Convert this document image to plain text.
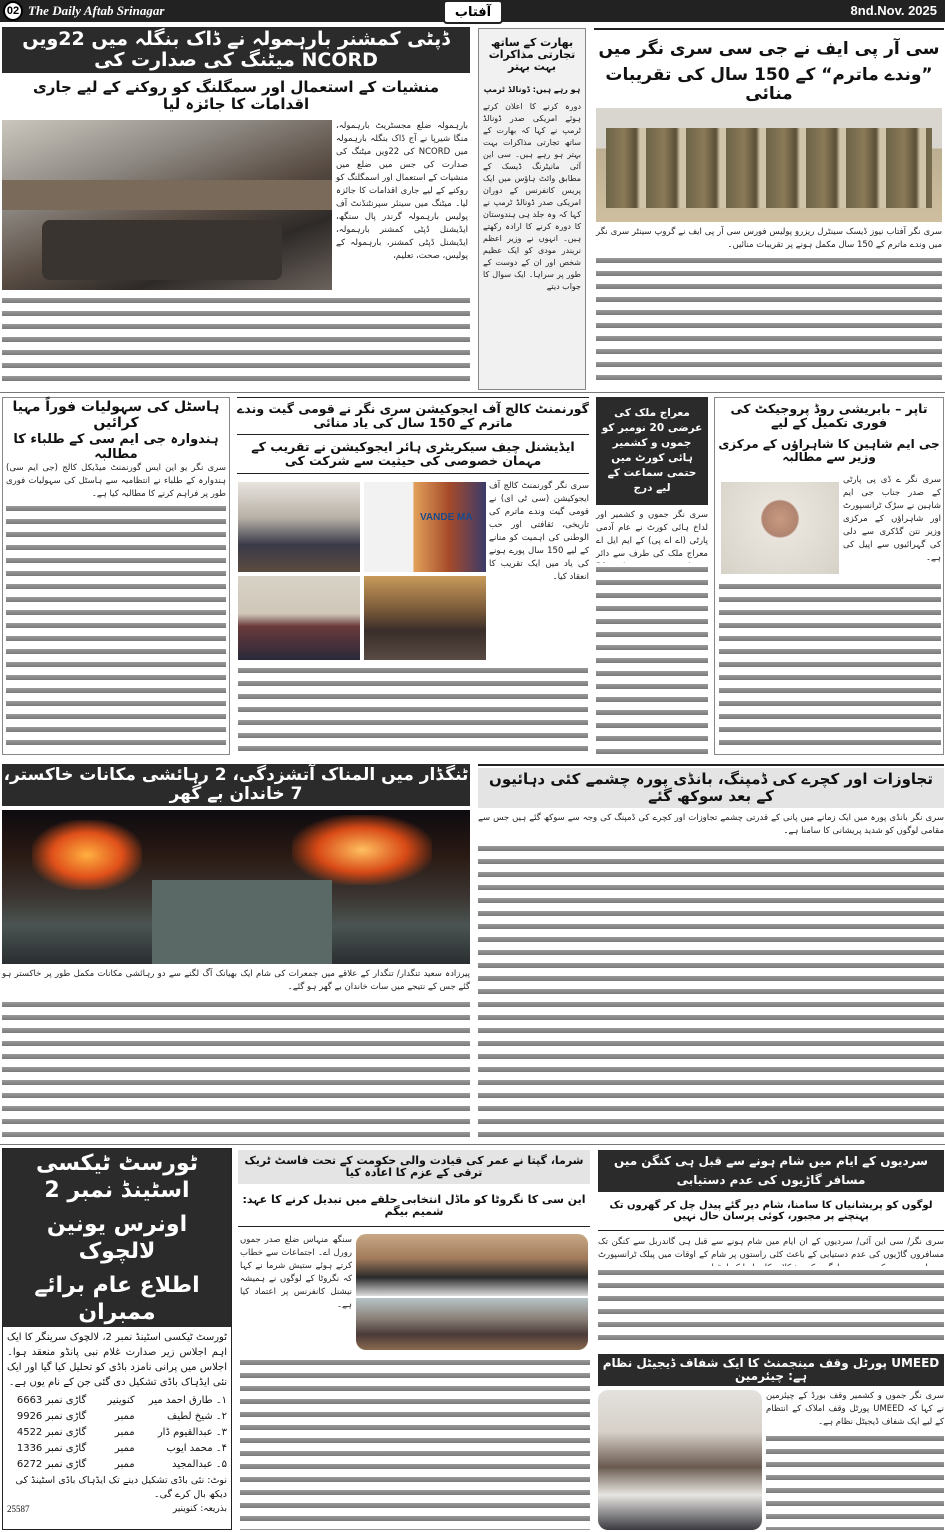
02 The Daily Aftab Srinagar	8nd.Nov. 2025
آفتاب
ڈپٹی کمشنر بارہمولہ نے ڈاک بنگلہ میں 22ویں NCORD میٹنگ کی صدارت کی
منشیات کے استعمال اور سمگلنگ کو روکنے کے لیے جاری اقدامات کا جائزہ لیا
بارہمولہ ضلع مجسٹریٹ بارہمولہ، منگا شیرپا نے آج ڈاک بنگلہ بارہمولہ میں NCORD کی 22ویں میٹنگ کی صدارت کی جس میں ضلع میں منشیات کے استعمال اور اسمگلنگ کو روکنے کے لیے جاری اقدامات کا جائزہ لیا۔ میٹنگ میں سینئر سپرنٹنڈنٹ آف پولیس بارہمولہ گرندر پال سنگھ، ایڈیشنل ڈپٹی کمشنر بارہمولہ، ایڈیشنل ڈپٹی کمشنر، بارہمولہ کے پولیس، صحت، تعلیم،
بھارت کے ساتھ تجارتی مذاکرات بہت بہتر
ہو رہے ہیں: ڈونالڈ ٹرمپ
دورہ کرنے کا اعلان کرتے ہوئے امریکی صدر ڈونالڈ ٹرمپ نے کہا کہ بھارت کے ساتھ تجارتی مذاکرات بہت بہتر ہو رہے ہیں۔ سی این آئی مانیٹرنگ ڈیسک کے مطابق وائٹ ہاؤس میں ایک پریس کانفرنس کے دوران امریکی صدر ڈونالڈ ٹرمپ نے کہا کہ وہ جلد ہی ہندوستان کا دورہ کرنے کا ارادہ رکھتے ہیں۔ انہوں نے وزیر اعظم نریندر مودی کو ایک عظیم شخص اور ان کے دوست کے طور پر سراہا۔ ایک سوال کا جواب دیتے
سی آر پی ایف نے جی سی سری نگر میں
”وندے ماترم“ کے 150 سال کی تقریبات منائی
سری نگر آفتاب نیوز ڈیسک سینٹرل ریزرو پولیس فورس سی آر پی ایف نے گروپ سینٹر سری نگر میں وندے ماترم کے 150 سال مکمل ہونے پر تقریبات منائیں۔
ہاسٹل کی سہولیات فوراً مہیا کرائیں
ہندوارہ جی ایم سی کے طلباء کا مطالبہ
سری نگر یو این ایس گورنمنٹ میڈیکل کالج (جی ایم سی) ہندوارہ کے طلباء نے انتظامیہ سے ہاسٹل کی سہولیات فوری طور پر فراہم کرنے کا مطالبہ کیا ہے۔
گورنمنٹ کالج آف ایجوکیشن سری نگر نے قومی گیت وندے ماترم کے 150 سال کی یاد منائی
ایڈیشنل چیف سیکریٹری ہائر ایجوکیشن نے تقریب کے مہمان خصوصی کی حیثیت سے شرکت کی
VANDE MA
سری نگر گورنمنٹ کالج آف ایجوکیشن (سی ٹی ای) نے قومی گیت وندے ماترم کی تاریخی، ثقافتی اور حب الوطنی کی اہمیت کو منانے کے لیے 150 سال پورے ہونے کی یاد میں ایک تقریب کا انعقاد کیا۔
معراج ملک کی عرضی 20 نومبر کو جموں و کشمیر ہائی کورٹ میں حتمی سماعت کے لیے درج
سری نگر جموں و کشمیر اور لداخ ہائی کورٹ نے عام آدمی پارٹی (اے اے پی) کے ایم ایل اے معراج ملک کی طرف سے دائر
تاپر – بابریشی روڈ پروجیکٹ کی فوری تکمیل کے لیے
جی ایم شاہین کا شاہراؤں کے مرکزی وزیر سے مطالبہ
سری نگر ے ڈی پی پارٹی کے صدر جناب جی ایم شاہین نے سڑک ٹرانسپورٹ اور شاہراؤں کے مرکزی وزیر نتن گڈکری سے دلی کی گہرائیوں سے اپیل کی ہے۔
ٹنگڈار میں المناک آتشزدگی، 2 رہائشی مکانات خاکستر، 7 خاندان بے گھر
پیرزادہ سعید تنگدار/ تنگدار کے علاقے میں جمعرات کی شام ایک بھیانک آگ لگنے سے دو رہائشی مکانات مکمل طور پر خاکستر ہو گئے جس کے نتیجے میں سات خاندان بے گھر ہو گئے۔
تجاوزات اور کچرے کی ڈمپنگ، بانڈی پورہ چشمے کئی دہائیوں کے بعد سوکھ گئے
سری نگر بانڈی پورہ میں ایک زمانے میں پانی کے قدرتی چشمے تجاوزات اور کچرے کی ڈمپنگ کی وجہ سے سوکھ گئے ہیں جس سے مقامی لوگوں کو شدید پریشانی کا سامنا ہے۔
ٹورسٹ ٹیکسی اسٹینڈ نمبر 2
اونرس یونین لالچوک
اطلاع عام برائے ممبران
ٹورسٹ ٹیکسی اسٹینڈ نمبر 2، لالچوک سرینگر کا ایک اہم اجلاس زیر صدارت غلام نبی پانڈو منعقد ہوا۔ اجلاس میں پرانی نامزد باڈی کو تحلیل کیا گیا اور ایک نئی ایڈہاک باڈی تشکیل دی گئی جن کے نام یوں ہے۔
۱۔ طارق احمد میر
کنوینیر
گاڑی نمبر 6663
۲۔ شیخ لطیف
ممبر
گاڑی نمبر 9926
۳۔ عبدالقیوم ڈار
ممبر
گاڑی نمبر 4522
۴۔ محمد ایوب
ممبر
گاڑی نمبر 1336
۵۔ عبدالمجید
ممبر
گاڑی نمبر 6272
نوٹ: نئی باڈی تشکیل دینے تک ایڈہاک باڈی اسٹینڈ کی دیکھ بال کرے گی۔
25587	بذریعہ: کنوینیر
شرما، گپتا نے عمر کی قیادت والی حکومت کے تحت فاسٹ ٹریک ترقی کے عزم کا اعادہ کیا
این سی کا نگروٹا کو ماڈل انتخابی حلقے میں تبدیل کرنے کا عہد: شمیم بیگم
سنگھ منہاس ضلع صدر جموں رورل اے۔ اجتماعات سے خطاب کرتے ہوئے ستیش شرما نے کہا کہ نگروٹا کے لوگوں نے ہمیشہ نیشنل کانفرنس پر اعتماد کیا ہے۔
سردیوں کے ایام میں شام ہونے سے قبل ہی کنگن میں مسافر گاڑیوں کی عدم دستیابی
لوگوں کو پریشانیاں کا سامنا، شام دیر گئے پیدل چل کر گھروں تک پہنچنے پر مجبور، کوئی پرسان حال نہیں
سری نگر/ سی این آئی/ سردیوں کے ان ایام میں شام ہونے سے قبل ہی گاندربل سے کنگن تک مسافروں گاڑیوں کی عدم دستیابی کے باعث کئی راستوں پر شام کے اوقات میں پبلک ٹرانسپورٹ
UMEED پورٹل وقف مینجمنٹ کا ایک شفاف ڈیجیٹل نظام ہے: چیئرمین
سری نگر جموں و کشمیر وقف بورڈ کے چیئرمین نے کہا کہ UMEED پورٹل وقف املاک کے انتظام کے لیے ایک شفاف ڈیجیٹل نظام ہے۔
